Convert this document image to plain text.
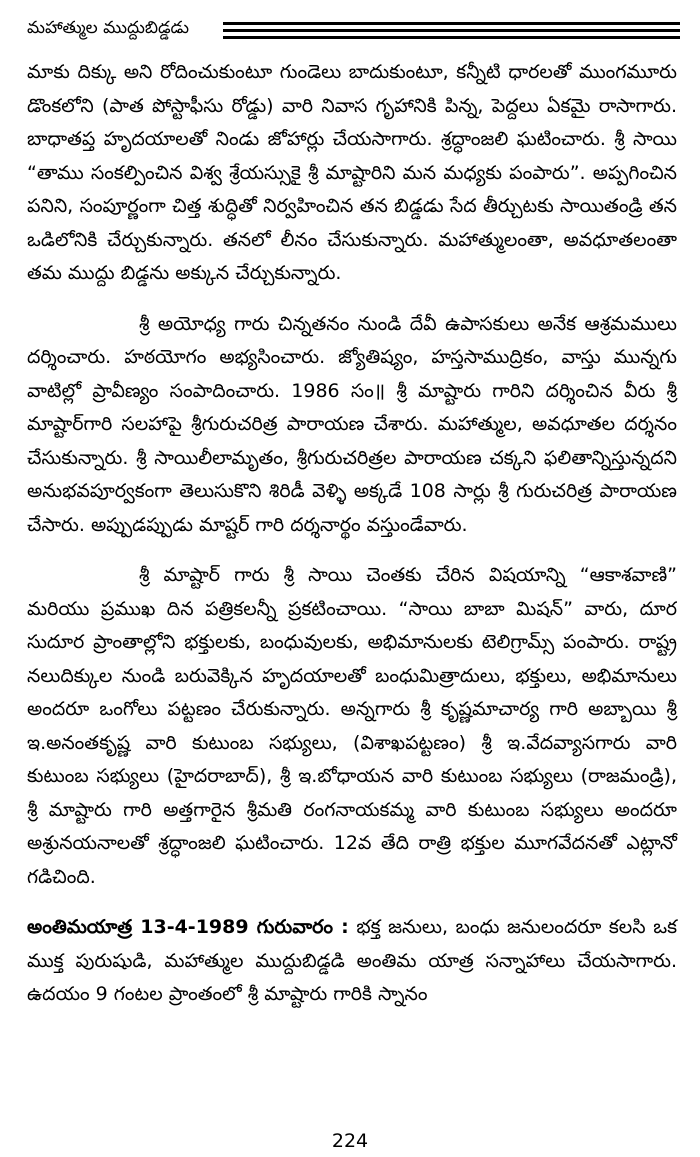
మహాత్ముల ముద్దుబిడ్డడు

మాకు దిక్కు అని రోదించుకుంటూ గుండెలు బాదుకుంటూ, కన్నీటి ధారలతో ముంగమూరు డొంకలోని (పాత పోస్టాఫీసు రోడ్డు) వారి నివాస గృహానికి పిన్న, పెద్దలు ఏకమై రాసాగారు. బాధాతప్త హృదయాలతో నిండు జోహార్లు చేయసాగారు. శ్రద్ధాంజలి ఘటించారు. శ్రీ సాయి “తాము సంకల్పించిన విశ్వ శ్రేయస్సుకై శ్రీ మాష్టారిని మన మధ్యకు పంపారు”. అప్పగించిన పనిని, సంపూర్ణంగా చిత్త శుద్ధితో నిర్వహించిన తన బిడ్డడు సేద తీర్చుటకు సాయితండ్రి తన ఒడిలోనికి చేర్చుకున్నారు. తనలో లీనం చేసుకున్నారు. మహాత్ములంతా, అవధూతలంతా తమ ముద్దు బిడ్డను అక్కున చేర్చుకున్నారు.

శ్రీ అయోధ్య గారు చిన్నతనం నుండి దేవీ ఉపాసకులు అనేక ఆశ్రమములు దర్శించారు. హఠయోగం అభ్యసించారు. జ్యోతిష్యం, హస్తసాముద్రికం, వాస్తు మున్నగు వాటిల్లో ప్రావీణ్యం సంపాదించారు. 1986 సం॥ శ్రీ మాష్టారు గారిని దర్శించిన వీరు శ్రీ మాష్టార్‌గారి సలహాపై శ్రీగురుచరిత్ర పారాయణ చేశారు. మహాత్ముల, అవధూతల దర్శనం చేసుకున్నారు. శ్రీ సాయిలీలామృతం, శ్రీగురుచరిత్రల పారాయణ చక్కని ఫలితాన్నిస్తున్నదని అనుభవపూర్వకంగా తెలుసుకొని శిరిడీ వెళ్ళి అక్కడే 108 సార్లు శ్రీ గురుచరిత్ర పారాయణ చేసారు. అప్పుడప్పుడు మాష్టర్ గారి దర్శనార్థం వస్తుండేవారు.

శ్రీ మాష్టార్ గారు శ్రీ సాయి చెంతకు చేరిన విషయాన్ని “ఆకాశవాణి” మరియు ప్రముఖ దిన పత్రికలన్నీ ప్రకటించాయి. “సాయి బాబా మిషన్” వారు, దూర సుదూర ప్రాంతాల్లోని భక్తులకు, బంధువులకు, అభిమానులకు టెలిగ్రామ్స్ పంపారు. రాష్ట్ర నలుదిక్కుల నుండి బరువెక్కిన హృదయాలతో బంధుమిత్రాదులు, భక్తులు, అభిమానులు అందరూ ఒంగోలు పట్టణం చేరుకున్నారు. అన్నగారు శ్రీ కృష్ణమాచార్య గారి అబ్బాయి శ్రీ ఇ.అనంతకృష్ణ వారి కుటుంబ సభ్యులు, (విశాఖపట్టణం) శ్రీ ఇ.వేదవ్యాసగారు వారి కుటుంబ సభ్యులు (హైదరాబాద్), శ్రీ ఇ.బోధాయన వారి కుటుంబ సభ్యులు (రాజమండ్రి), శ్రీ మాష్టారు గారి అత్తగారైన శ్రీమతి రంగనాయకమ్మ వారి కుటుంబ సభ్యులు అందరూ అశ్రునయనాలతో శ్రద్ధాంజలి ఘటించారు. 12వ తేది రాత్రి భక్తుల మూగవేదనతో ఎట్లానో గడిచింది.

అంతిమయాత్ర 13-4-1989 గురువారం : భక్త జనులు, బంధు జనులందరూ కలసి ఒక ముక్త పురుషుడి, మహాత్ముల ముద్దుబిడ్డడి అంతిమ యాత్ర సన్నాహాలు చేయసాగారు. ఉదయం 9 గంటల ప్రాంతంలో శ్రీ మాష్టారు గారికి స్నానం

224
